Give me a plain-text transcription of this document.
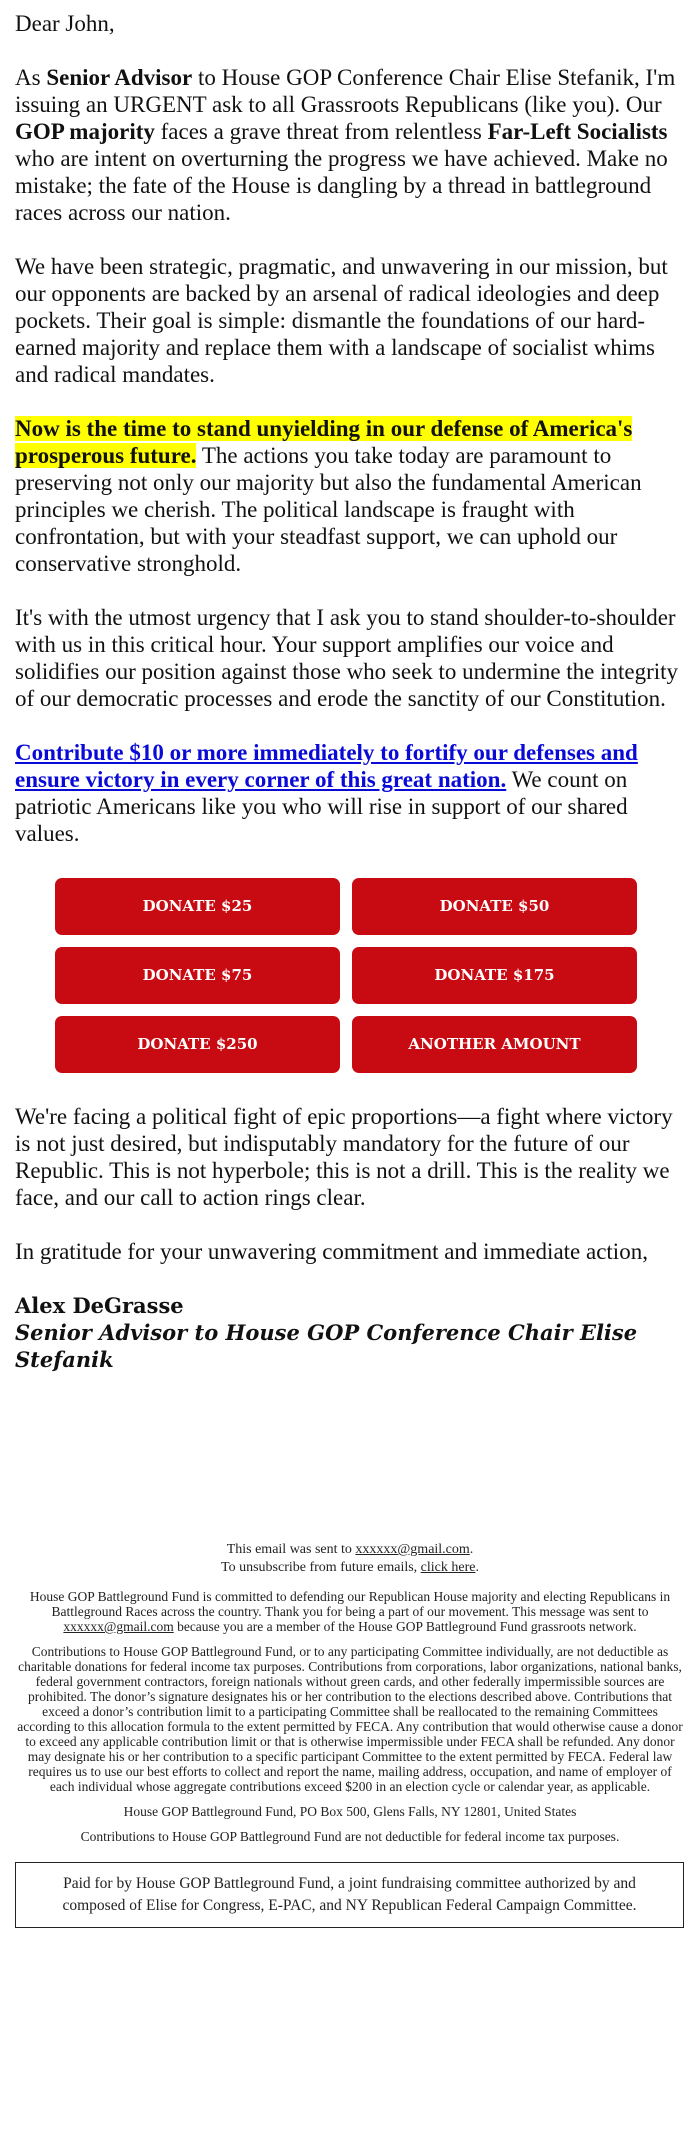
Dear John,

As Senior Advisor to House GOP Conference Chair Elise Stefanik, I'm issuing an URGENT ask to all Grassroots Republicans (like you). Our GOP majority faces a grave threat from relentless Far-Left Socialists who are intent on overturning the progress we have achieved. Make no mistake; the fate of the House is dangling by a thread in battleground races across our nation.

We have been strategic, pragmatic, and unwavering in our mission, but our opponents are backed by an arsenal of radical ideologies and deep pockets. Their goal is simple: dismantle the foundations of our hard-earned majority and replace them with a landscape of socialist whims and radical mandates.

Now is the time to stand unyielding in our defense of America's prosperous future. The actions you take today are paramount to preserving not only our majority but also the fundamental American principles we cherish. The political landscape is fraught with confrontation, but with your steadfast support, we can uphold our conservative stronghold.

It's with the utmost urgency that I ask you to stand shoulder-to-shoulder with us in this critical hour. Your support amplifies our voice and solidifies our position against those who seek to undermine the integrity of our democratic processes and erode the sanctity of our Constitution.

Contribute $10 or more immediately to fortify our defenses and ensure victory in every corner of this great nation. We count on patriotic Americans like you who will rise in support of our shared values.

DONATE $25	DONATE $50
DONATE $75	DONATE $175
DONATE $250	ANOTHER AMOUNT

We're facing a political fight of epic proportions—a fight where victory is not just desired, but indisputably mandatory for the future of our Republic. This is not hyperbole; this is not a drill. This is the reality we face, and our call to action rings clear.

In gratitude for your unwavering commitment and immediate action,

Alex DeGrasse
Senior Advisor to House GOP Conference Chair Elise Stefanik

This email was sent to xxxxxx@gmail.com.
To unsubscribe from future emails, click here.

House GOP Battleground Fund is committed to defending our Republican House majority and electing Republicans in Battleground Races across the country. Thank you for being a part of our movement. This message was sent to xxxxxx@gmail.com because you are a member of the House GOP Battleground Fund grassroots network.

Contributions to House GOP Battleground Fund, or to any participating Committee individually, are not deductible as charitable donations for federal income tax purposes. Contributions from corporations, labor organizations, national banks, federal government contractors, foreign nationals without green cards, and other federally impermissible sources are prohibited. The donor’s signature designates his or her contribution to the elections described above. Contributions that exceed a donor’s contribution limit to a participating Committee shall be reallocated to the remaining Committees according to this allocation formula to the extent permitted by FECA. Any contribution that would otherwise cause a donor to exceed any applicable contribution limit or that is otherwise impermissible under FECA shall be refunded. Any donor may designate his or her contribution to a specific participant Committee to the extent permitted by FECA. Federal law requires us to use our best efforts to collect and report the name, mailing address, occupation, and name of employer of each individual whose aggregate contributions exceed $200 in an election cycle or calendar year, as applicable.

House GOP Battleground Fund, PO Box 500, Glens Falls, NY 12801, United States

Contributions to House GOP Battleground Fund are not deductible for federal income tax purposes.

Paid for by House GOP Battleground Fund, a joint fundraising committee authorized by and composed of Elise for Congress, E-PAC, and NY Republican Federal Campaign Committee.
